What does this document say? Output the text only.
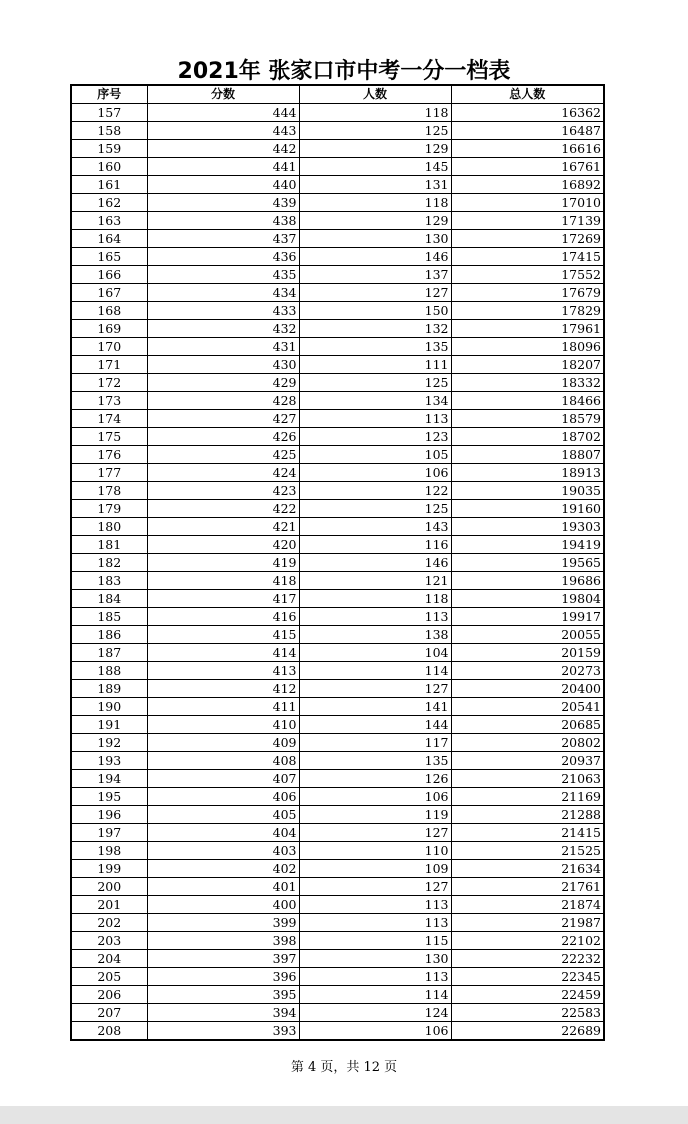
2021年 张家口市中考一分一档表
序号	分数	人数	总人数
157	444	118	16362
158	443	125	16487
159	442	129	16616
160	441	145	16761
161	440	131	16892
162	439	118	17010
163	438	129	17139
164	437	130	17269
165	436	146	17415
166	435	137	17552
167	434	127	17679
168	433	150	17829
169	432	132	17961
170	431	135	18096
171	430	111	18207
172	429	125	18332
173	428	134	18466
174	427	113	18579
175	426	123	18702
176	425	105	18807
177	424	106	18913
178	423	122	19035
179	422	125	19160
180	421	143	19303
181	420	116	19419
182	419	146	19565
183	418	121	19686
184	417	118	19804
185	416	113	19917
186	415	138	20055
187	414	104	20159
188	413	114	20273
189	412	127	20400
190	411	141	20541
191	410	144	20685
192	409	117	20802
193	408	135	20937
194	407	126	21063
195	406	106	21169
196	405	119	21288
197	404	127	21415
198	403	110	21525
199	402	109	21634
200	401	127	21761
201	400	113	21874
202	399	113	21987
203	398	115	22102
204	397	130	22232
205	396	113	22345
206	395	114	22459
207	394	124	22583
208	393	106	22689
第 4 页，共 12 页
